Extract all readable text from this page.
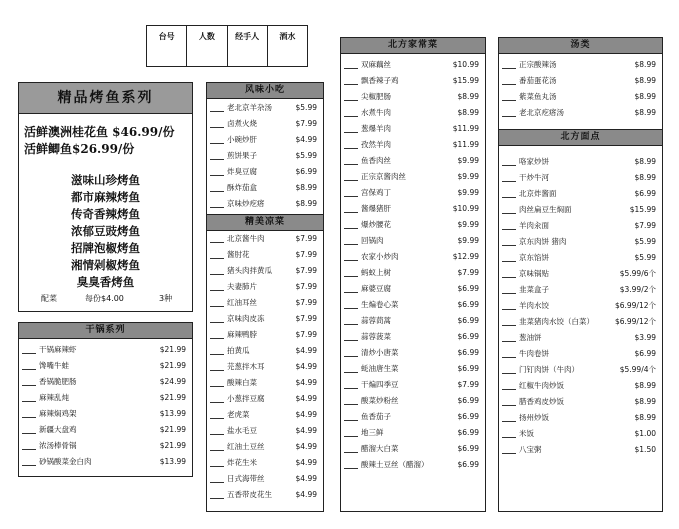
台号	人数	经手人	酒水
精品烤鱼系列
活鲜澳洲桂花鱼 $46.99/份
活鲜鲫鱼$26.99/份
滋味山珍烤鱼
都市麻辣烤鱼
传奇香辣烤鱼
浓郁豆豉烤鱼
招牌泡椒烤鱼
湘情剁椒烤鱼
臭臭香烤鱼
配菜	每份$4.00	3种
干锅系列
干锅麻辣虾	$21.99
馋嘴牛蛙	$21.99
香锅脆肥肠	$24.99
麻辣乱炖	$21.99
麻辣焖鸡架	$13.99
新疆大盘鸡	$21.99
浓汤棒骨锅	$21.99
砂锅酸菜金白肉	$13.99
风味小吃
老北京羊杂汤	$5.99
卤煮火烧	$7.99
小碗炒肝	$4.99
煎饼果子	$5.99
炸臭豆腐	$6.99
酥炸茄盒	$8.99
京味炒疙瘩	$8.99
精美凉菜
北京酱牛肉	$7.99
酱肘花	$7.99
猪头肉拌黄瓜	$7.99
夫妻肺片	$7.99
红油耳丝	$7.99
京味肉皮冻	$7.99
麻辣鸭脖	$7.99
拍黄瓜	$4.99
芫葱拌木耳	$4.99
酸辣白菜	$4.99
小葱拌豆腐	$4.99
老虎菜	$4.99
盐水毛豆	$4.99
红油土豆丝	$4.99
炸花生米	$4.99
日式海带丝	$4.99
五香带皮花生	$4.99
北方家常菜
双麻藕丝	$10.99
飘香辣子鸡	$15.99
尖椒肥肠	$8.99
水煮牛肉	$8.99
葱爆羊肉	$11.99
孜然羊肉	$11.99
鱼香肉丝	$9.99
正宗京酱肉丝	$9.99
宫保鸡丁	$9.99
酱爆猪肝	$10.99
爆炒腰花	$9.99
回锅肉	$9.99
农家小炒肉	$12.99
蚂蚁上树	$7.99
麻婆豆腐	$6.99
生煸卷心菜	$6.99
蒜蓉茼蒿	$6.99
蒜蓉菠菜	$6.99
清炒小唐菜	$6.99
蚝油唐生菜	$6.99
干煸四季豆	$7.99
酸菜炒粉丝	$6.99
鱼香茄子	$6.99
地三鲜	$6.99
醋溜大白菜	$6.99
酸辣土豆丝（醋溜）	$6.99
汤类
正宗酸辣汤	$8.99
番茄蛋花汤	$8.99
紫菜鱼丸汤	$8.99
老北京疙瘩汤	$8.99
北方面点
咯家炒饼	$8.99
干炒牛河	$8.99
北京炸酱面	$6.99
肉丝扁豆生焖面	$15.99
羊肉汆面	$7.99
京东肉饼 猪肉	$5.99
京东馅饼	$5.99
京味锅贴	$5.99/6个
韭菜盒子	$3.99/2个
羊肉水饺	$6.99/12个
韭菜猪肉水饺（白菜）	$6.99/12个
葱油饼	$3.99
牛肉卷饼	$6.99
门钉肉饼（牛肉）	$5.99/4个
红椒牛肉炒饭	$8.99
腊香鸡皮炒饭	$8.99
扬州炒饭	$8.99
米饭	$1.00
八宝粥	$1.50
